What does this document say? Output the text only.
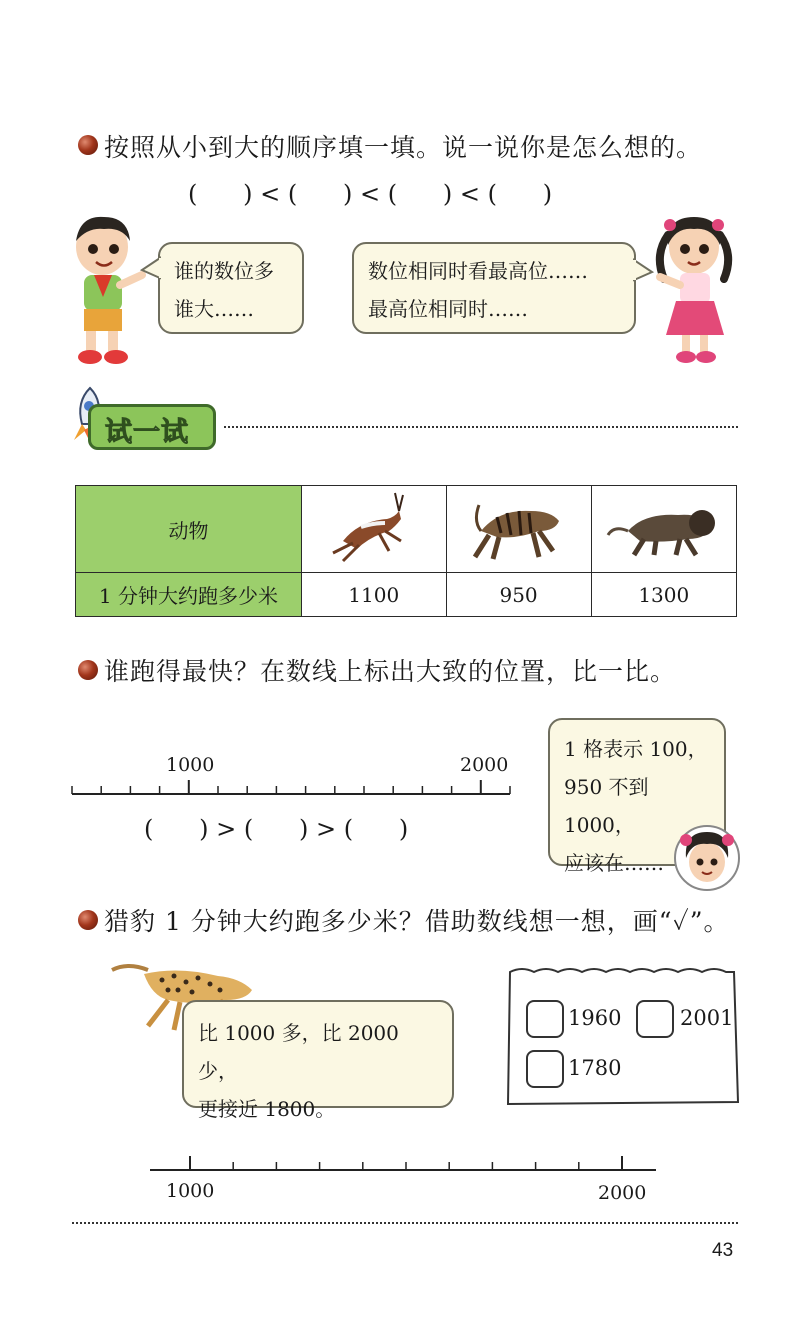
按照从小到大的顺序填一填。说一说你是怎么想的。
(      ) < (      ) < (      ) < (      )
谁的数位多
谁大……
数位相同时看最高位……
最高位相同时……
试一试
动物			
1 分钟大约跑多少米	1100	950	1300
谁跑得最快？在数线上标出大致的位置，比一比。
1000	2000
(      ) > (      ) > (      )
1 格表示 100，
950 不到 1000，
应该在……
猎豹 1 分钟大约跑多少米？借助数线想一想，画“✓”。
比 1000 多，比 2000 少，
更接近 1800。
1960	2001
1780
1000	2000
43
